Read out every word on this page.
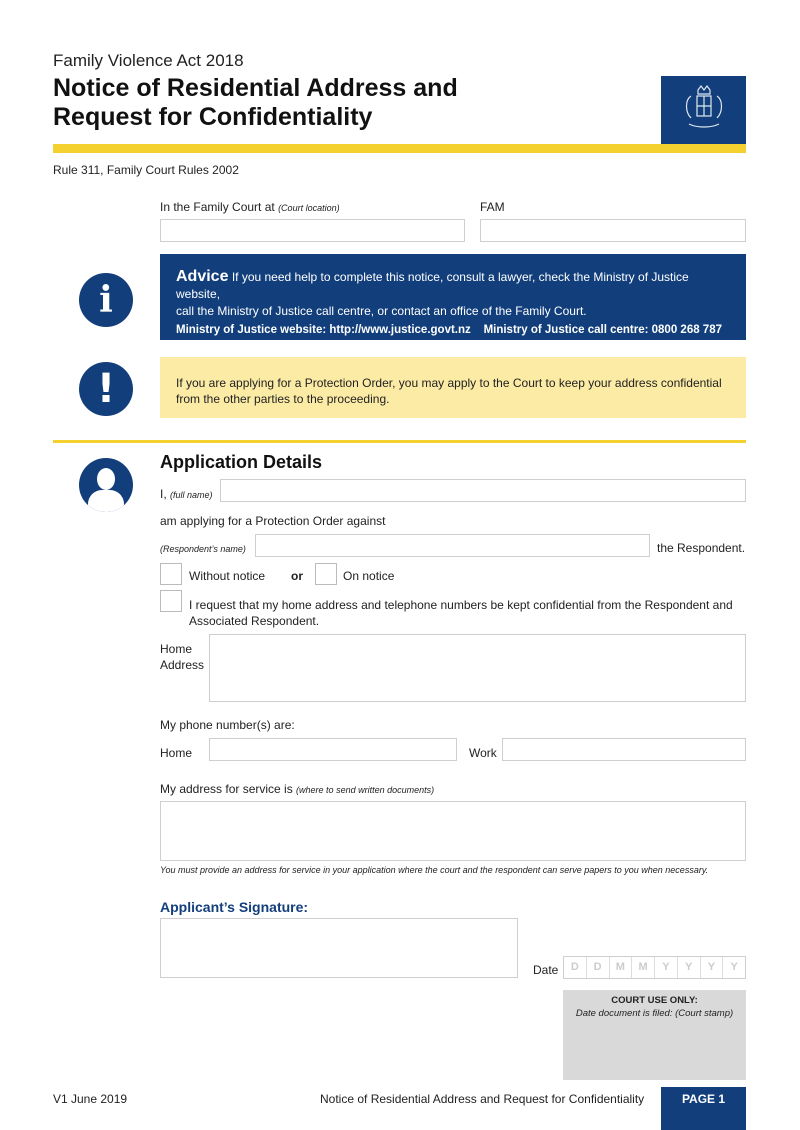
Family Violence Act 2018
Notice of Residential Address and
Request for Confidentiality
Rule 311, Family Court Rules 2002
In the Family Court at (Court location)	FAM
i
Advice If you need help to complete this notice, consult a lawyer, check the Ministry of Justice website,
call the Ministry of Justice call centre, or contact an office of the Family Court.
Ministry of Justice website: http://www.justice.govt.nz Ministry of Justice call centre: 0800 268 787
!	If you are applying for a Protection Order, you may apply to the Court to keep your address confidential
from the other parties to the proceeding.
Application Details
I, (full name)
am applying for a Protection Order against
(Respondent’s name)	the Respondent.
Without notice or	On notice
I request that my home address and telephone numbers be kept confidential from the Respondent and
Associated Respondent.
Home
Address
My phone number(s) are:
Home	Work
My address for service is (where to send written documents)
You must provide an address for service in your application where the court and the respondent can serve papers to you when necessary.
Applicant’s Signature:
Date	D	D	M	M	Y	Y	Y	Y
COURT USE ONLY:
Date document is filed: (Court stamp)
V1 June 2019	Notice of Residential Address and Request for Confidentiality	PAGE 1
